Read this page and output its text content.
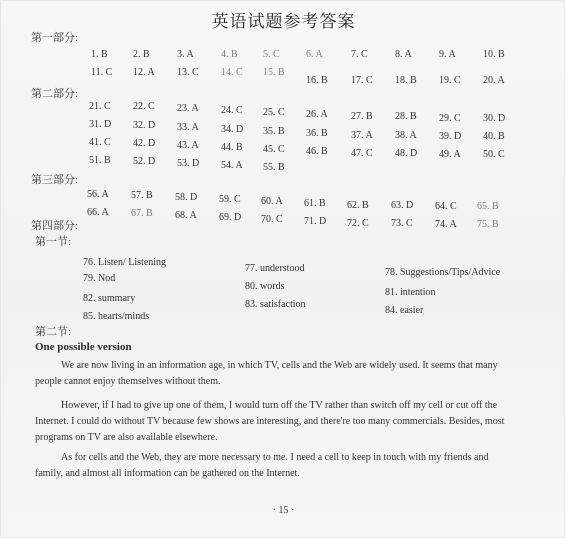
英语试题参考答案
第一部分:
1. B	2. B	3. A	4. B	5. C	6. A	7. C	8. A	9. A	10. B
11. C 12. A 13. C 14. C 15. B
16. B 17. C 18. B 19. C 20. A
第二部分:
21. C 22. C 23. A 24. C 25. C 26. A 27. B 28. B 29. C 30. D
31. D 32. D 33. A 34. D 35. B 36. B 37. A 38. A 39. D 40. B
41. C 42. D 43. A 44. B 45. C 46. B 47. C 48. D 49. A 50. C
51. B 52. D 53. D 54. A 55. B
第三部分:
56. A 57. B 58. D 59. C 60. A 61. B 62. B 63. D 64. C 65. B
66. A 67. B 68. A 69. D 70. C 71. D 72. C 73. C 74. A 75. B
第四部分:
第一节:
76. Listen/ Listening
77. understood	78. Suggestions/Tips/Advice
79. Nod
80. words
81. intention
82. summary
83. satisfaction
84. easier
85. hearts/minds
第二节:
One possible version
We are now living in an information age, in which TV, cells and the Web are widely used. It seems that many
people cannot enjoy themselves without them.
However, if I had to give up one of them, I would turn off the TV rather than switch off my cell or cut off the
Internet. I could do without TV because few shows are interesting, and there're too many commercials. Besides, most
programs on TV are also available elsewhere.
As for cells and the Web, they are more necessary to me. I need a cell to keep in touch with my friends and
family, and almost all information can be gathered on the Internet.
· 15 ·
